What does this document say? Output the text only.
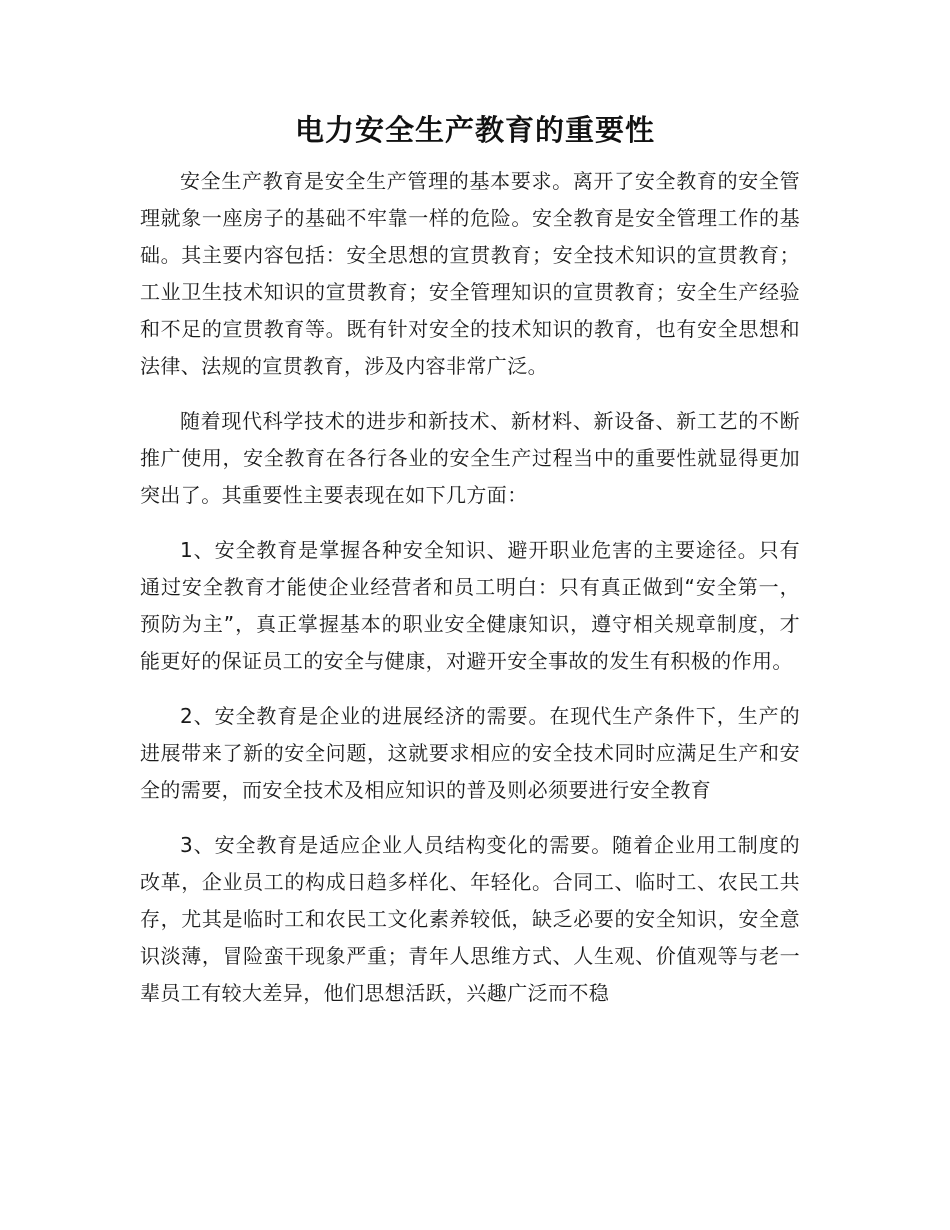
电力安全生产教育的重要性

安全生产教育是安全生产管理的基本要求。离开了安全教育的安全管理就象一座房子的基础不牢靠一样的危险。安全教育是安全管理工作的基础。其主要内容包括：安全思想的宣贯教育；安全技术知识的宣贯教育；工业卫生技术知识的宣贯教育；安全管理知识的宣贯教育；安全生产经验和不足的宣贯教育等。既有针对安全的技术知识的教育，也有安全思想和法律、法规的宣贯教育，涉及内容非常广泛。

随着现代科学技术的进步和新技术、新材料、新设备、新工艺的不断推广使用，安全教育在各行各业的安全生产过程当中的重要性就显得更加突出了。其重要性主要表现在如下几方面：

1、安全教育是掌握各种安全知识、避开职业危害的主要途径。只有通过安全教育才能使企业经营者和员工明白：只有真正做到“安全第一，预防为主”，真正掌握基本的职业安全健康知识，遵守相关规章制度，才能更好的保证员工的安全与健康，对避开安全事故的发生有积极的作用。

2、安全教育是企业的进展经济的需要。在现代生产条件下，生产的进展带来了新的安全问题，这就要求相应的安全技术同时应满足生产和安全的需要，而安全技术及相应知识的普及则必须要进行安全教育

3、安全教育是适应企业人员结构变化的需要。随着企业用工制度的改革，企业员工的构成日趋多样化、年轻化。合同工、临时工、农民工共存，尤其是临时工和农民工文化素养较低，缺乏必要的安全知识，安全意识淡薄，冒险蛮干现象严重；青年人思维方式、人生观、价值观等与老一辈员工有较大差异，他们思想活跃，兴趣广泛而不稳
